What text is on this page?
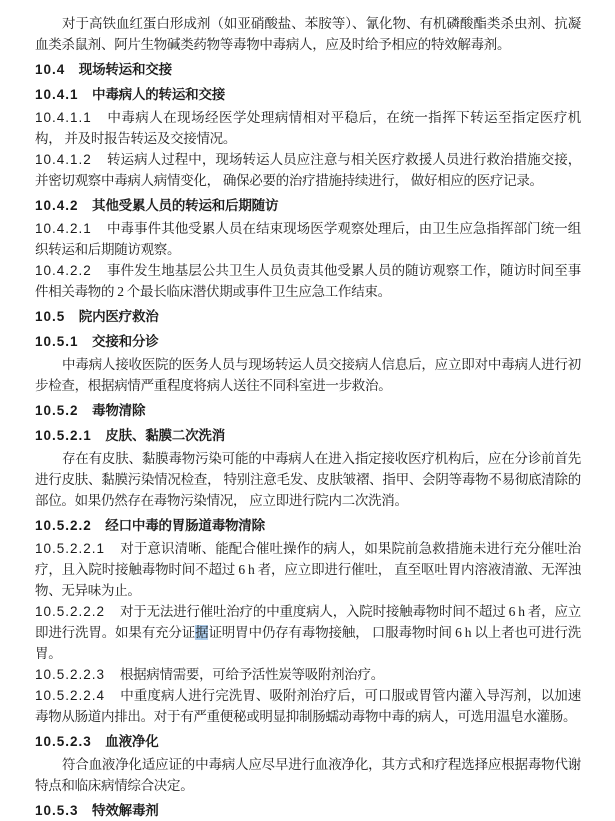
对于高铁血红蛋白形成剂（如亚硝酸盐、苯胺等）、氰化物、有机磷酸酯类杀虫剂、抗凝血类杀鼠剂、阿片生物碱类药物等毒物中毒病人，应及时给予相应的特效解毒剂。

10.4 现场转运和交接

10.4.1 中毒病人的转运和交接

10.4.1.1 中毒病人在现场经医学处理病情相对平稳后，在统一指挥下转运至指定医疗机构， 并及时报告转运及交接情况。

10.4.1.2 转运病人过程中，现场转运人员应注意与相关医疗救援人员进行救治措施交接，并密切观察中毒病人病情变化， 确保必要的治疗措施持续进行， 做好相应的医疗记录。

10.4.2 其他受累人员的转运和后期随访

10.4.2.1 中毒事件其他受累人员在结束现场医学观察处理后，由卫生应急指挥部门统一组织转运和后期随访观察。

10.4.2.2 事件发生地基层公共卫生人员负责其他受累人员的随访观察工作，随访时间至事件相关毒物的 2 个最长临床潜伏期或事件卫生应急工作结束。

10.5 院内医疗救治

10.5.1 交接和分诊

中毒病人接收医院的医务人员与现场转运人员交接病人信息后，应立即对中毒病人进行初步检查，根据病情严重程度将病人送往不同科室进一步救治。

10.5.2 毒物清除

10.5.2.1 皮肤、黏膜二次洗消

存在有皮肤、黏膜毒物污染可能的中毒病人在进入指定接收医疗机构后，应在分诊前首先进行皮肤、黏膜污染情况检查， 特别注意毛发、皮肤皱褶、指甲、会阴等毒物不易彻底清除的部位。如果仍然存在毒物污染情况， 应立即进行院内二次洗消。

10.5.2.2 经口中毒的胃肠道毒物清除

10.5.2.2.1 对于意识清晰、能配合催吐操作的病人，如果院前急救措施未进行充分催吐治疗，且入院时接触毒物时间不超过 6 h 者，应立即进行催吐， 直至呕吐胃内溶液清澈、无浑浊物、无异味为止。

10.5.2.2.2 对于无法进行催吐治疗的中重度病人，入院时接触毒物时间不超过 6 h 者，应立即进行洗胃。如果有充分证据证明胃中仍存有毒物接触， 口服毒物时间 6 h 以上者也可进行洗胃。

10.5.2.2.3 根据病情需要，可给予活性炭等吸附剂治疗。

10.5.2.2.4 中重度病人进行完洗胃、吸附剂治疗后，可口服或胃管内灌入导泻剂，以加速毒物从肠道内排出。对于有严重便秘或明显抑制肠蠕动毒物中毒的病人，可选用温皂水灌肠。

10.5.2.3 血液净化

符合血液净化适应证的中毒病人应尽早进行血液净化，其方式和疗程选择应根据毒物代谢特点和临床病情综合决定。

10.5.3 特效解毒剂
